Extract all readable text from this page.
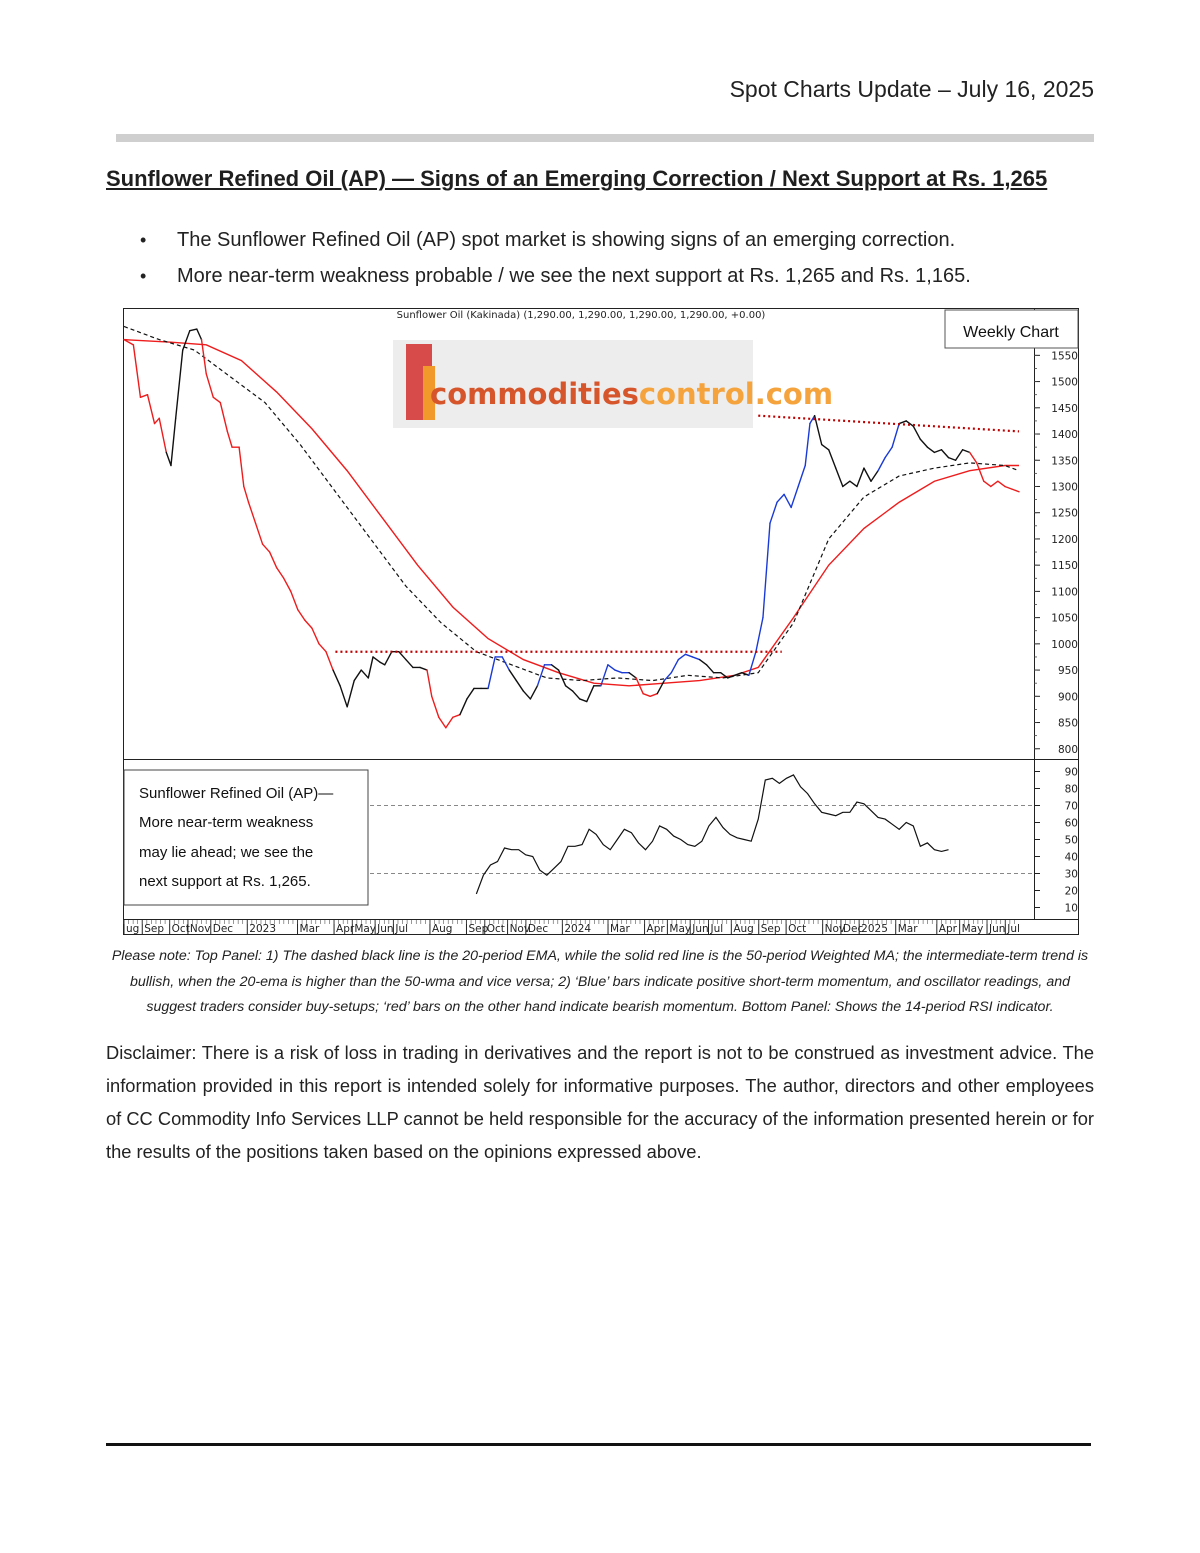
Spot Charts Update – July 16, 2025
Sunflower Refined Oil (AP) — Signs of an Emerging Correction / Next Support at Rs. 1,265
• The Sunflower Refined Oil (AP) spot market is showing signs of an emerging correction.
• More near-term weakness probable / we see the next support at Rs. 1,265 and Rs. 1,165.
Sunflower Oil (Kakinada) (1,290.00, 1,290.00, 1,290.00, 1,290.00, +0.00)
commoditiescontrol.com
800
850
900
950
1000
1050
1100
1150
1200
1250
1300
1350
1400
1450
1500
1550
10
20
30
40
50
60
70
80
90
ug Sep Oct Nov Dec 2023 Mar Apr May Jun Jul Aug Sep
Oct Nov
Dec 2024 Mar Apr May Jun Jul Aug Sep Oct Nov
Dec
2025 Mar Apr May Jun Jul
Sunflower Refined Oil (AP)—
More near-term weakness
may lie ahead; we see the
next support at Rs. 1,265.
Weekly Chart
Please note: Top Panel: 1) The dashed black line is the 20-period EMA, while the solid red line is the 50-period Weighted MA; the intermediate-term trend is bullish, when the 20-ema is higher than the 50-wma and vice versa; 2) ‘Blue’ bars indicate positive short-term momentum, and oscillator readings, and suggest traders consider buy-setups; ‘red’ bars on the other hand indicate bearish momentum. Bottom Panel: Shows the 14-period RSI indicator.
Disclaimer: There is a risk of loss in trading in derivatives and the report is not to be construed as investment advice. The information provided in this report is intended solely for informative purposes. The author, directors and other employees of CC Commodity Info Services LLP cannot be held responsible for the accuracy of the information presented herein or for the results of the positions taken based on the opinions expressed above.
